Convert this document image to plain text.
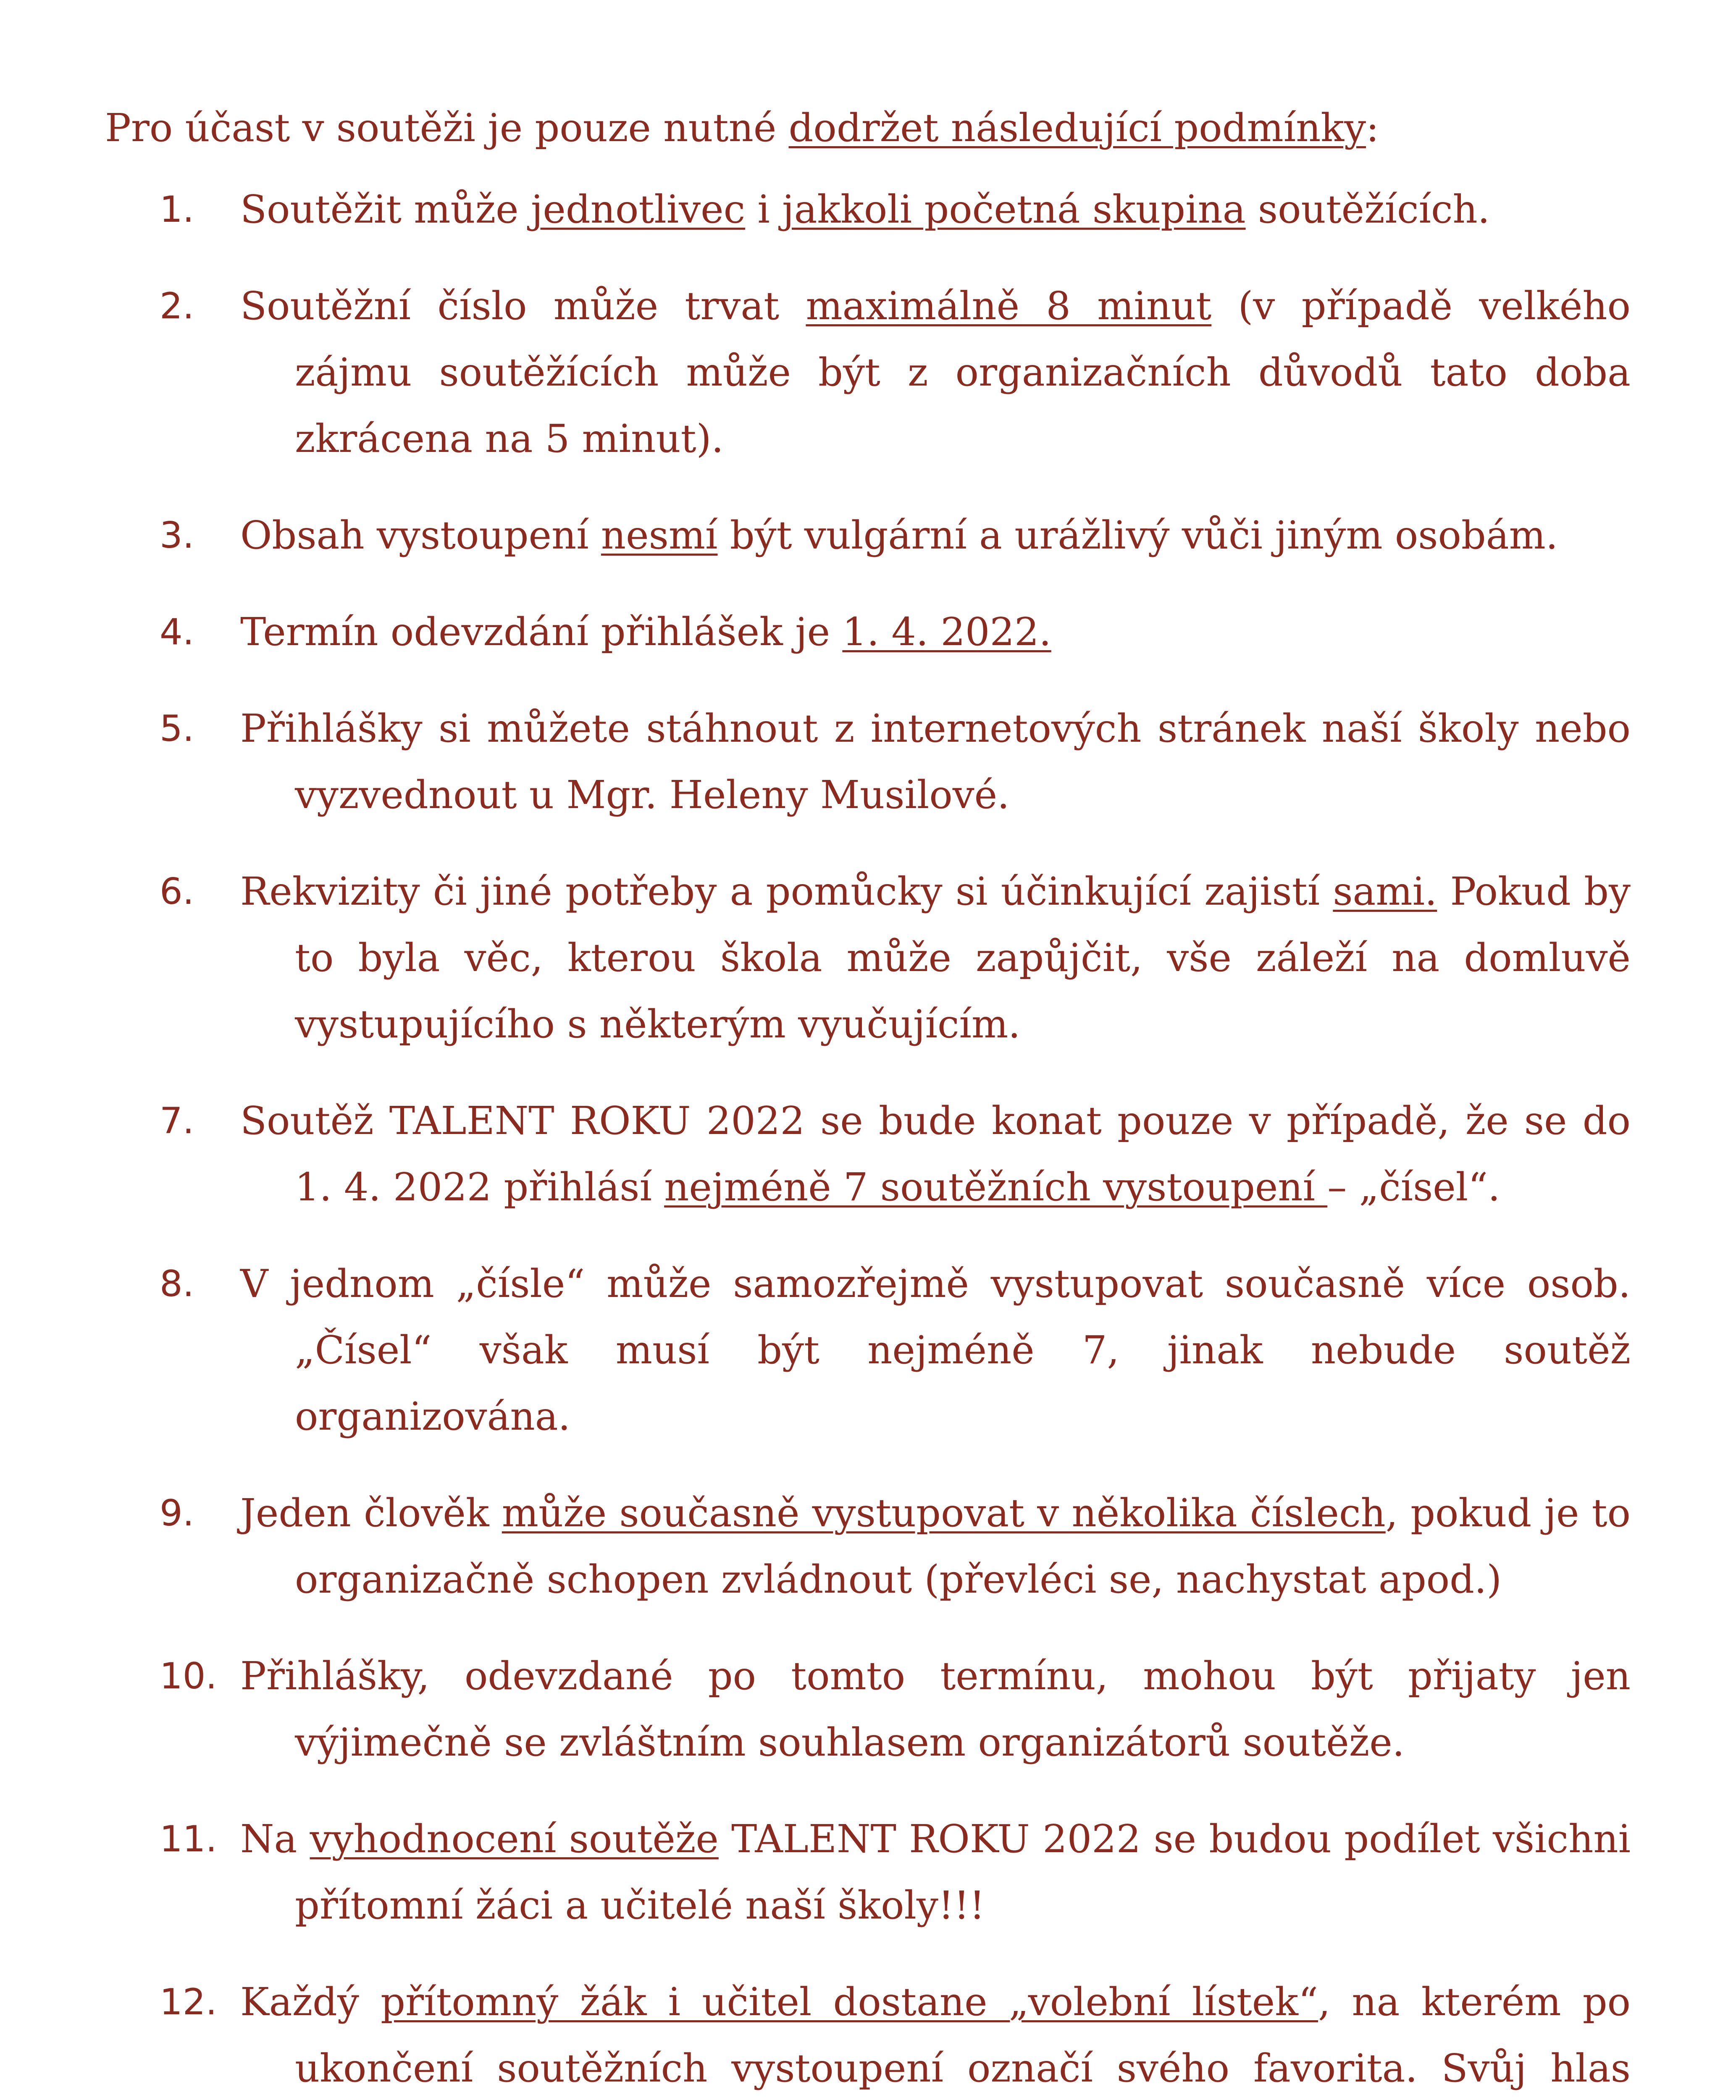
Pro účast v soutěži je pouze nutné dodržet následující podmínky:

1. Soutěžit může jednotlivec i jakkoli početná skupina soutěžících.

2. Soutěžní číslo může trvat maximálně 8 minut (v případě velkého zájmu soutěžících může být z organizačních důvodů tato doba zkrácena na 5 minut).

3. Obsah vystoupení nesmí být vulgární a urážlivý vůči jiným osobám.

4. Termín odevzdání přihlášek je 1. 4. 2022.

5. Přihlášky si můžete stáhnout z internetových stránek naší školy nebo vyzvednout u Mgr. Heleny Musilové.

6. Rekvizity či jiné potřeby a pomůcky si účinkující zajistí sami. Pokud by to byla věc, kterou škola může zapůjčit, vše záleží na domluvě vystupujícího s některým vyučujícím.

7. Soutěž TALENT ROKU 2022 se bude konat pouze v případě, že se do 1. 4. 2022 přihlásí nejméně 7 soutěžních vystoupení – „čísel“.

8. V jednom „čísle“ může samozřejmě vystupovat současně více osob. „Čísel“ však musí být nejméně 7, jinak nebude soutěž organizována.

9. Jeden člověk může současně vystupovat v několika číslech, pokud je to organizačně schopen zvládnout (převléci se, nachystat apod.)

10. Přihlášky, odevzdané po tomto termínu, mohou být přijaty jen výjimečně se zvláštním souhlasem organizátorů soutěže.

11. Na vyhodnocení soutěže TALENT ROKU 2022 se budou podílet všichni přítomní žáci a učitelé naší školy!!!

12. Každý přítomný žák i učitel dostane „volební lístek“, na kterém po ukončení soutěžních vystoupení označí svého favorita. Svůj hlas
